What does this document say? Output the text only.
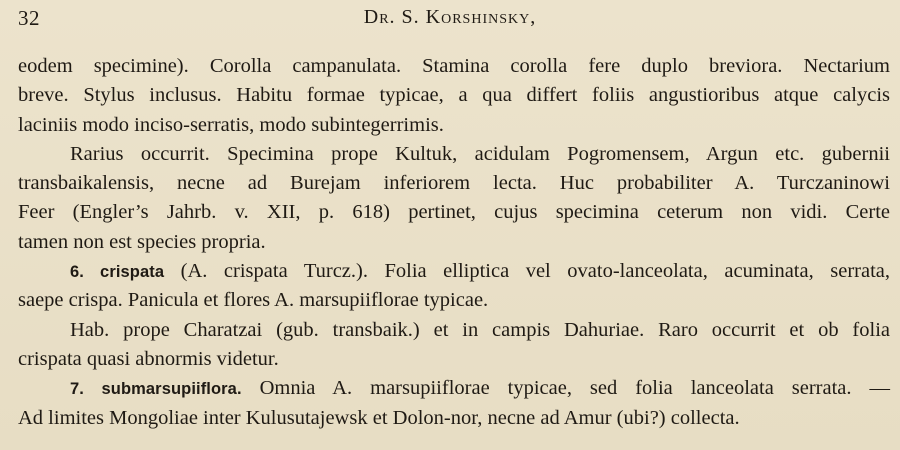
32	Dr. S. Korshinsky,
eodem specimine). Corolla campanulata. Stamina corolla fere duplo breviora. Nectarium
breve. Stylus inclusus. Habitu formae typicae, a qua differt foliis angustioribus atque calycis
laciniis modo inciso-serratis, modo subintegerrimis.
Rarius occurrit. Specimina prope Kultuk, acidulam Pogromensem, Argun etc. gubernii
transbaikalensis, necne ad Burejam inferiorem lecta. Huc probabiliter A. Turczaninowi
Feer (Engler’s Jahrb. v. XII, p. 618) pertinet, cujus specimina ceterum non vidi. Certe
tamen non est species propria.
6. crispata (A. crispata Turcz.). Folia elliptica vel ovato-lanceolata, acuminata, serrata,
saepe crispa. Panicula et flores A. marsupiiflorae typicae.
Hab. prope Charatzai (gub. transbaik.) et in campis Dahuriae. Raro occurrit et ob folia
crispata quasi abnormis videtur.
7. submarsupiiflora. Omnia A. marsupiiflorae typicae, sed folia lanceolata serrata. —
Ad limites Mongoliae inter Kulusutajewsk et Dolon-nor, necne ad Amur (ubi?) collecta.
